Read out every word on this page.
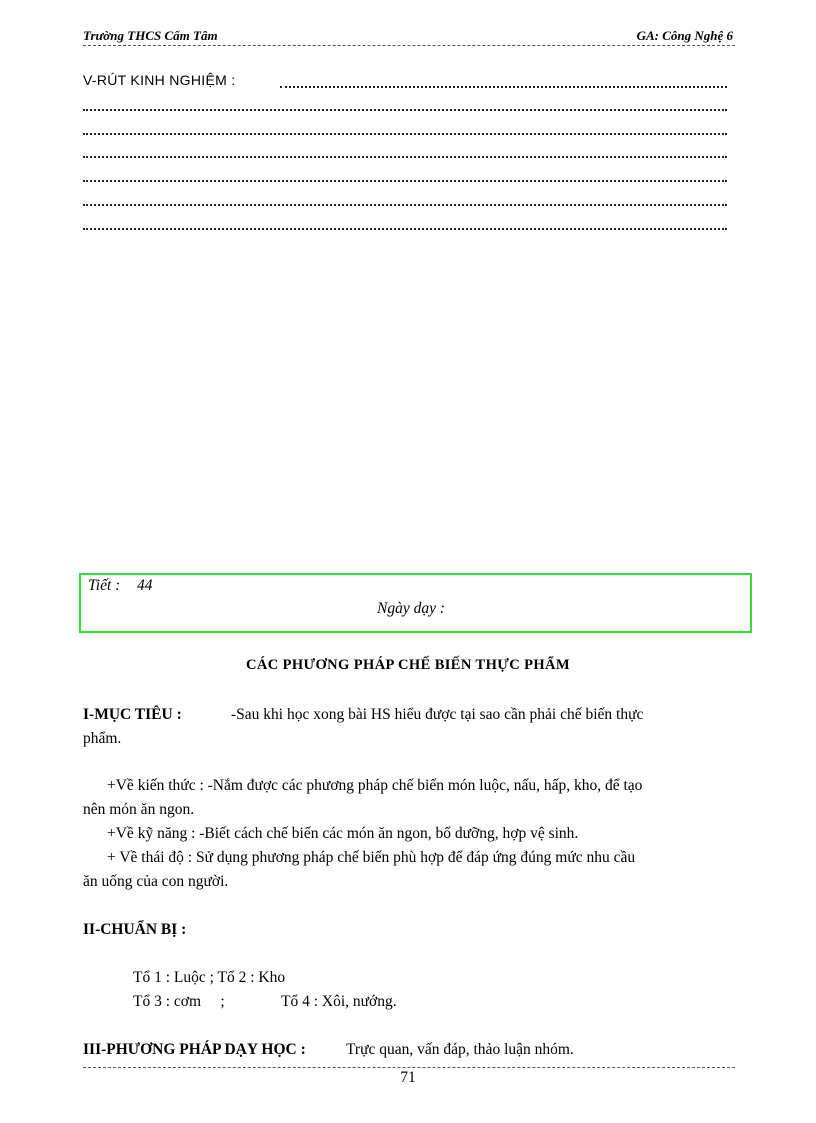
Trường THCS Cẩm Tâm	GA: Công Nghệ 6
V-RÚT KINH NGHIỆM :
Tiết : 44
Ngày dạy :
CÁC PHƯƠNG PHÁP CHẾ BIẾN THỰC PHẨM
I-MỤC TIÊU :	-Sau khi học xong bài HS hiểu được tại sao cần phải chế biến thực
phẩm.
+Về kiến thức : -Nắm được các phương pháp chế biến món luộc, nấu, hấp, kho, để tạo
nên món ăn ngon.
+Về kỹ năng : -Biết cách chế biến các món ăn ngon, bổ dưỡng, hợp vệ sinh.
+ Về thái độ : Sử dụng phương pháp chế biến phù hợp để đáp ứng đúng mức nhu cầu
ăn uống của con người.
II-CHUẨN BỊ :
Tổ 1 : Luộc ; Tổ 2 : Kho
Tổ 3 : cơm     ;	Tổ 4 : Xôi, nướng.
III-PHƯƠNG PHÁP DẠY HỌC :	Trực quan, vấn đáp, thảo luận nhóm.
71
